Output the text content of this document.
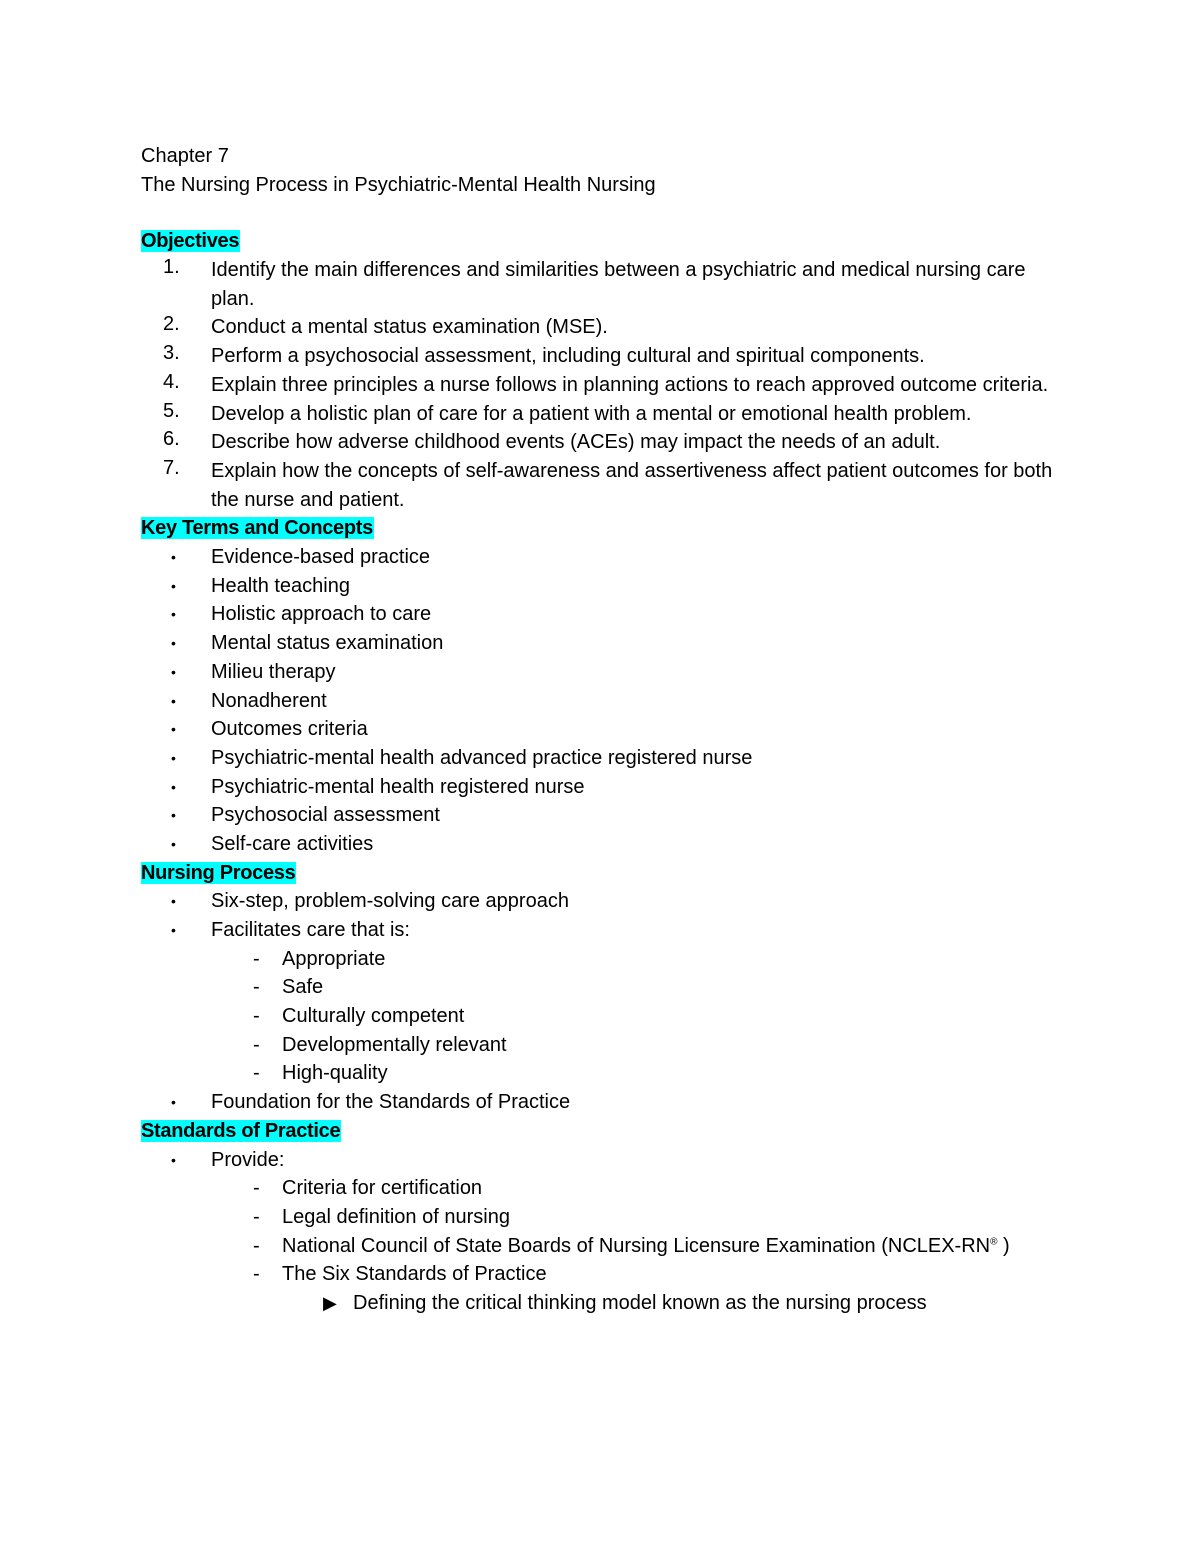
Chapter 7
The Nursing Process in Psychiatric-Mental Health Nursing
Objectives
1.	Identify the main differences and similarities between a psychiatric and medical nursing care plan.
2.	Conduct a mental status examination (MSE).
3.	Perform a psychosocial assessment, including cultural and spiritual components.
4.	Explain three principles a nurse follows in planning actions to reach approved outcome criteria.
5.	Develop a holistic plan of care for a patient with a mental or emotional health problem.
6.	Describe how adverse childhood events (ACEs) may impact the needs of an adult.
7.	Explain how the concepts of self-awareness and assertiveness affect patient outcomes for both the nurse and patient.
Key Terms and Concepts
•	Evidence-based practice
•	Health teaching
•	Holistic approach to care
•	Mental status examination
•	Milieu therapy
•	Nonadherent
•	Outcomes criteria
•	Psychiatric-mental health advanced practice registered nurse
•	Psychiatric-mental health registered nurse
•	Psychosocial assessment
•	Self-care activities
Nursing Process
•	Six-step, problem-solving care approach
•	Facilitates care that is:
-	Appropriate
-	Safe
-	Culturally competent
-	Developmentally relevant
-	High-quality
•	Foundation for the Standards of Practice
Standards of Practice
•	Provide:
-	Criteria for certification
-	Legal definition of nursing
-	National Council of State Boards of Nursing Licensure Examination (NCLEX-RN® )
-	The Six Standards of Practice
▶ Defining the critical thinking model known as the nursing process
